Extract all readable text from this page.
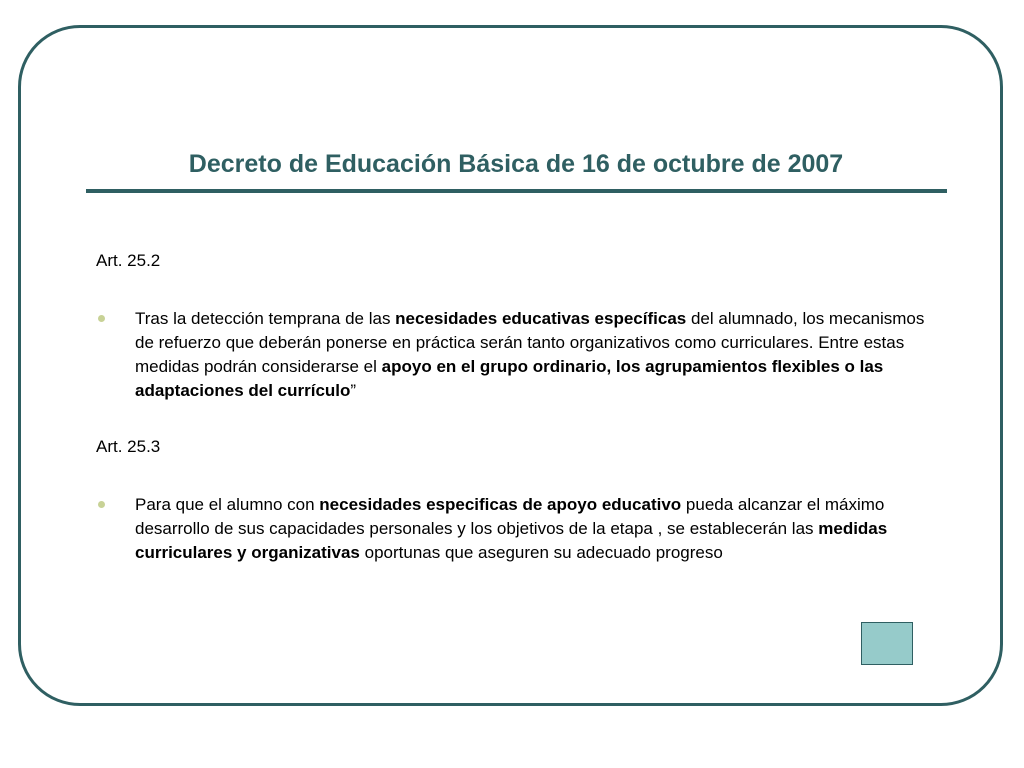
Decreto de Educación Básica de 16 de octubre de 2007
Art. 25.2
Tras la detección temprana de las necesidades educativas específicas del alumnado, los mecanismos de refuerzo que deberán ponerse en práctica serán tanto organizativos como curriculares. Entre estas medidas podrán considerarse el apoyo en el grupo ordinario, los agrupamientos flexibles o las adaptaciones del currículo”
Art. 25.3
Para que el alumno con necesidades especificas de apoyo educativo pueda alcanzar el máximo desarrollo de sus capacidades personales y los objetivos de la etapa , se establecerán las medidas curriculares y organizativas oportunas que aseguren su adecuado progreso
